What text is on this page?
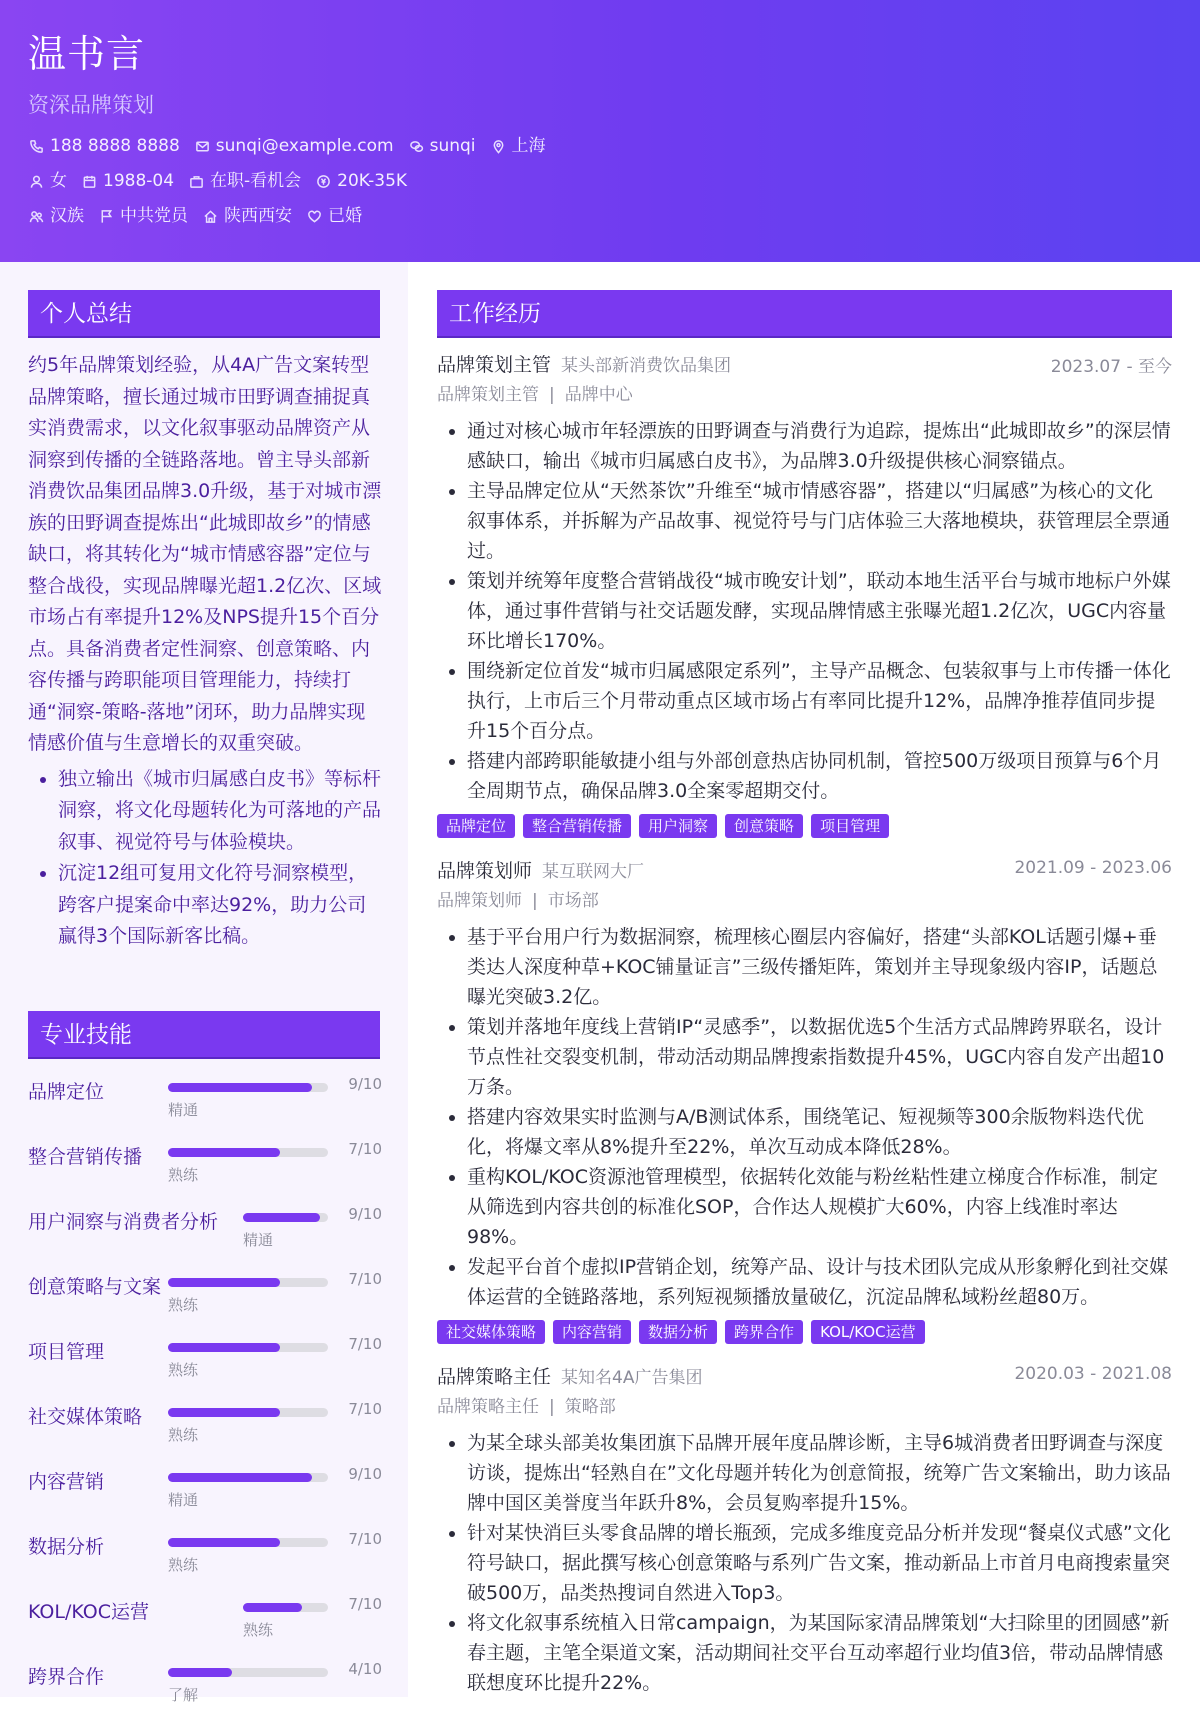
温书言
资深品牌策划
188 8888 8888 sunqi@example.com sunqi 上海
女 1988-04 在职-看机会 20K-35K
汉族 中共党员 陕西西安 已婚
个人总结

约5年品牌策划经验，从4A广告文案转型品牌策略，擅长通过城市田野调查捕捉真实消费需求，以文化叙事驱动品牌资产从洞察到传播的全链路落地。曾主导头部新消费饮品集团品牌3.0升级，基于对城市漂族的田野调查提炼出“此城即故乡”的情感缺口，将其转化为“城市情感容器”定位与整合战役，实现品牌曝光超1.2亿次、区域市场占有率提升12%及NPS提升15个百分点。具备消费者定性洞察、创意策略、内容传播与跨职能项目管理能力，持续打通“洞察-策略-落地”闭环，助力品牌实现情感价值与生意增长的双重突破。

• 独立输出《城市归属感白皮书》等标杆洞察，将文化母题转化为可落地的产品叙事、视觉符号与体验模块。
• 沉淀12组可复用文化符号洞察模型，跨客户提案命中率达92%，助力公司赢得3个国际新客比稿。
专业技能
品牌定位	9/10
精通
整合营销传播	7/10
熟练
用户洞察与消费者分析	9/10
精通
创意策略与文案	7/10
熟练
项目管理	7/10
熟练
社交媒体策略	7/10
熟练
内容营销	9/10
精通
数据分析	7/10
熟练
KOL/KOC运营	7/10
熟练
跨界合作	4/10
了解
工作经历
品牌策划主管 某头部新消费饮品集团	2023.07 - 至今
品牌策划主管 | 品牌中心
• 通过对核心城市年轻漂族的田野调查与消费行为追踪，提炼出“此城即故乡”的深层情感缺口，输出《城市归属感白皮书》，为品牌3.0升级提供核心洞察锚点。
• 主导品牌定位从“天然茶饮”升维至“城市情感容器”，搭建以“归属感”为核心的文化叙事体系，并拆解为产品故事、视觉符号与门店体验三大落地模块，获管理层全票通过。
• 策划并统筹年度整合营销战役“城市晚安计划”，联动本地生活平台与城市地标户外媒体，通过事件营销与社交话题发酵，实现品牌情感主张曝光超1.2亿次，UGC内容量环比增长170%。
• 围绕新定位首发“城市归属感限定系列”，主导产品概念、包装叙事与上市传播一体化执行，上市后三个月带动重点区域市场占有率同比提升12%，品牌净推荐值同步提升15个百分点。
• 搭建内部跨职能敏捷小组与外部创意热店协同机制，管控500万级项目预算与6个月全周期节点，确保品牌3.0全案零超期交付。
品牌定位	整合营销传播	用户洞察	创意策略	项目管理
品牌策划师 某互联网大厂	2021.09 - 2023.06
品牌策划师 | 市场部
• 基于平台用户行为数据洞察，梳理核心圈层内容偏好，搭建“头部KOL话题引爆+垂类达人深度种草+KOC铺量证言”三级传播矩阵，策划并主导现象级内容IP，话题总曝光突破3.2亿。
• 策划并落地年度线上营销IP“灵感季”，以数据优选5个生活方式品牌跨界联名，设计节点性社交裂变机制，带动活动期品牌搜索指数提升45%，UGC内容自发产出超10万条。
• 搭建内容效果实时监测与A/B测试体系，围绕笔记、短视频等300余版物料迭代优化，将爆文率从8%提升至22%，单次互动成本降低28%。
• 重构KOL/KOC资源池管理模型，依据转化效能与粉丝粘性建立梯度合作标准，制定从筛选到内容共创的标准化SOP，合作达人规模扩大60%，内容上线准时率达98%。
• 发起平台首个虚拟IP营销企划，统筹产品、设计与技术团队完成从形象孵化到社交媒体运营的全链路落地，系列短视频播放量破亿，沉淀品牌私域粉丝超80万。
社交媒体策略	内容营销	数据分析	跨界合作	KOL/KOC运营
品牌策略主任 某知名4A广告集团	2020.03 - 2021.08
品牌策略主任 | 策略部
• 为某全球头部美妆集团旗下品牌开展年度品牌诊断，主导6城消费者田野调查与深度访谈，提炼出“轻熟自在”文化母题并转化为创意简报，统筹广告文案输出，助力该品牌中国区美誉度当年跃升8%，会员复购率提升15%。
• 针对某快消巨头零食品牌的增长瓶颈，完成多维度竞品分析并发现“餐桌仪式感”文化符号缺口，据此撰写核心创意策略与系列广告文案，推动新品上市首月电商搜索量突破500万，品类热搜词自然进入Top3。
• 将文化叙事系统植入日常campaign，为某国际家清品牌策划“大扫除里的团圆感”新春主题，主笔全渠道文案，活动期间社交平台互动率超行业均值3倍，带动品牌情感联想度环比提升22%。
